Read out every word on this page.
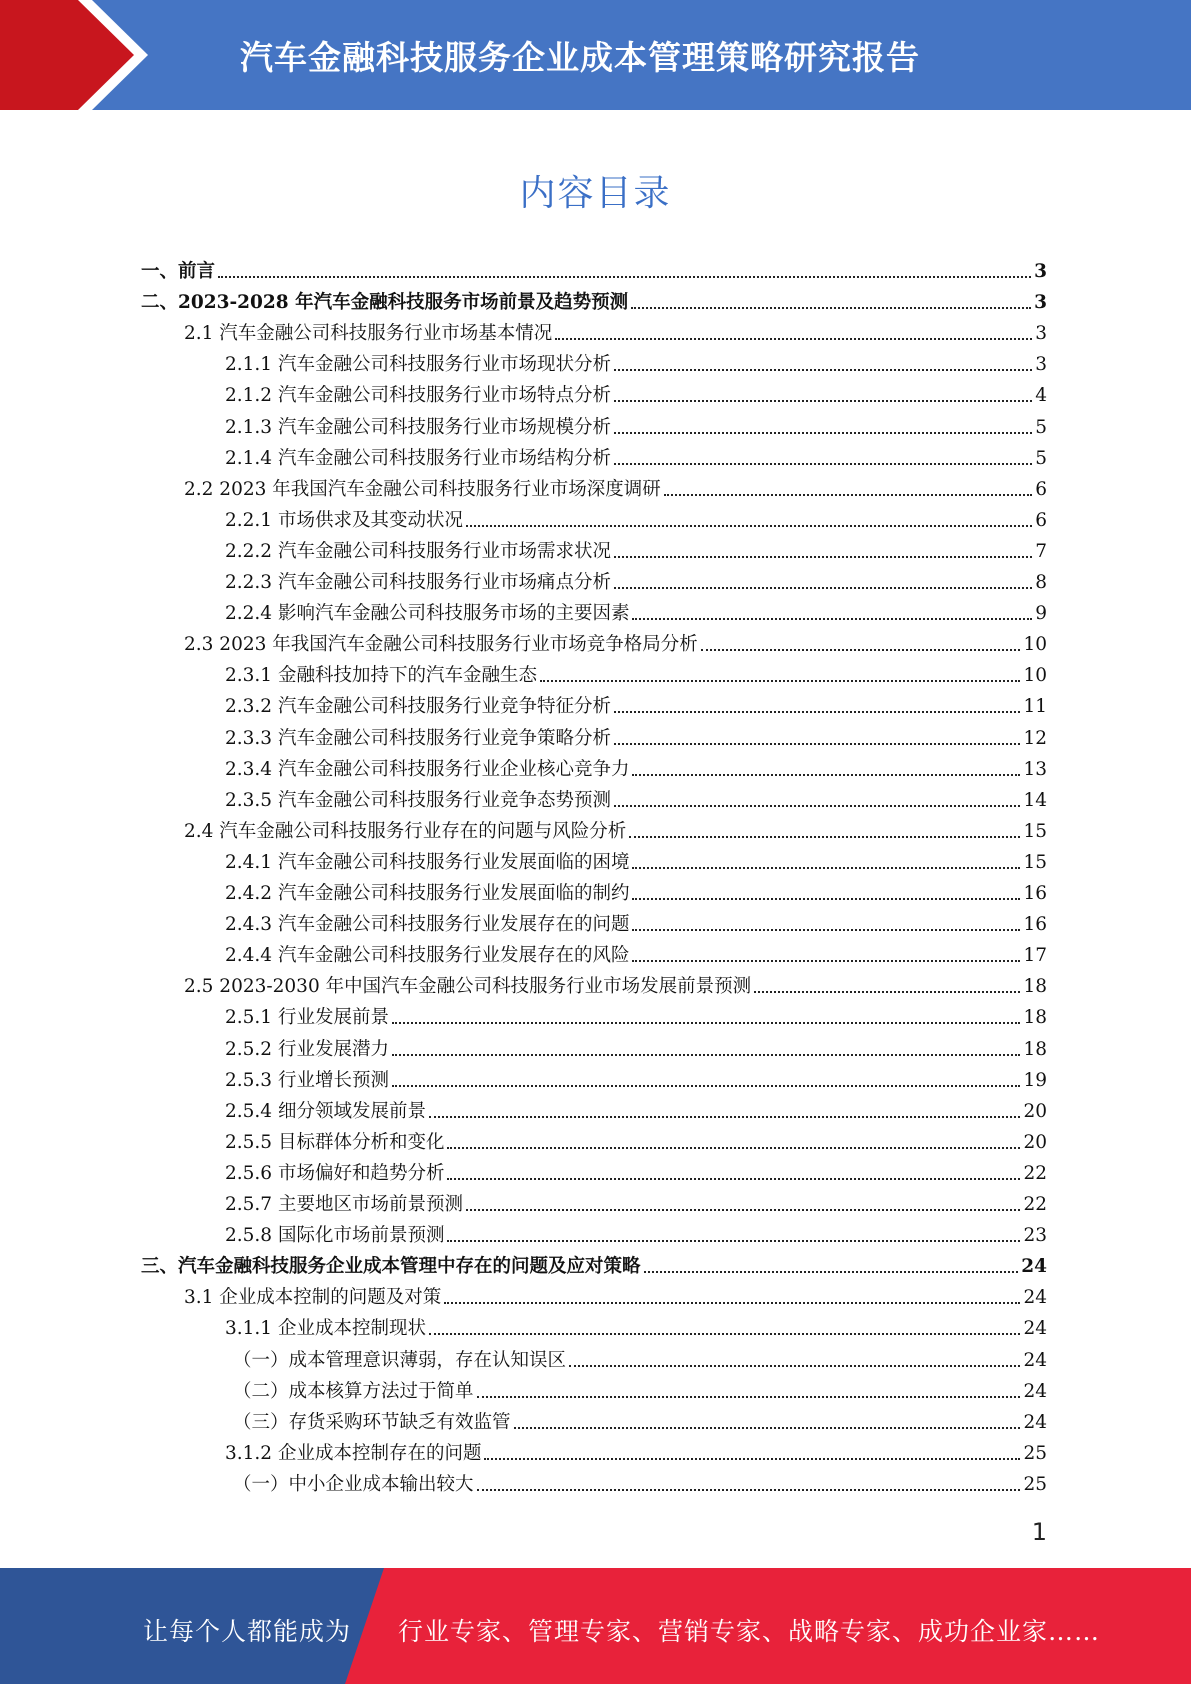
汽车金融科技服务企业成本管理策略研究报告
内容目录
一、前言	3
二、2023-2028 年汽车金融科技服务市场前景及趋势预测	3
2.1 汽车金融公司科技服务行业市场基本情况	3
2.1.1 汽车金融公司科技服务行业市场现状分析	3
2.1.2 汽车金融公司科技服务行业市场特点分析	4
2.1.3 汽车金融公司科技服务行业市场规模分析	5
2.1.4 汽车金融公司科技服务行业市场结构分析	5
2.2 2023 年我国汽车金融公司科技服务行业市场深度调研	6
2.2.1 市场供求及其变动状况	6
2.2.2 汽车金融公司科技服务行业市场需求状况	7
2.2.3 汽车金融公司科技服务行业市场痛点分析	8
2.2.4 影响汽车金融公司科技服务市场的主要因素	9
2.3 2023 年我国汽车金融公司科技服务行业市场竞争格局分析	10
2.3.1 金融科技加持下的汽车金融生态	10
2.3.2 汽车金融公司科技服务行业竞争特征分析	11
2.3.3 汽车金融公司科技服务行业竞争策略分析	12
2.3.4 汽车金融公司科技服务行业企业核心竞争力	13
2.3.5 汽车金融公司科技服务行业竞争态势预测	14
2.4 汽车金融公司科技服务行业存在的问题与风险分析	15
2.4.1 汽车金融公司科技服务行业发展面临的困境	15
2.4.2 汽车金融公司科技服务行业发展面临的制约	16
2.4.3 汽车金融公司科技服务行业发展存在的问题	16
2.4.4 汽车金融公司科技服务行业发展存在的风险	17
2.5 2023-2030 年中国汽车金融公司科技服务行业市场发展前景预测	18
2.5.1 行业发展前景	18
2.5.2 行业发展潜力	18
2.5.3 行业增长预测	19
2.5.4 细分领域发展前景	20
2.5.5 目标群体分析和变化	20
2.5.6 市场偏好和趋势分析	22
2.5.7 主要地区市场前景预测	22
2.5.8 国际化市场前景预测	23
三、汽车金融科技服务企业成本管理中存在的问题及应对策略	24
3.1 企业成本控制的问题及对策	24
3.1.1 企业成本控制现状	24
（一）成本管理意识薄弱，存在认知误区	24
（二）成本核算方法过于简单	24
（三）存货采购环节缺乏有效监管	24
3.1.2 企业成本控制存在的问题	25
（一）中小企业成本输出较大	25
1
让每个人都能成为 行业专家、管理专家、营销专家、战略专家、成功企业家……
